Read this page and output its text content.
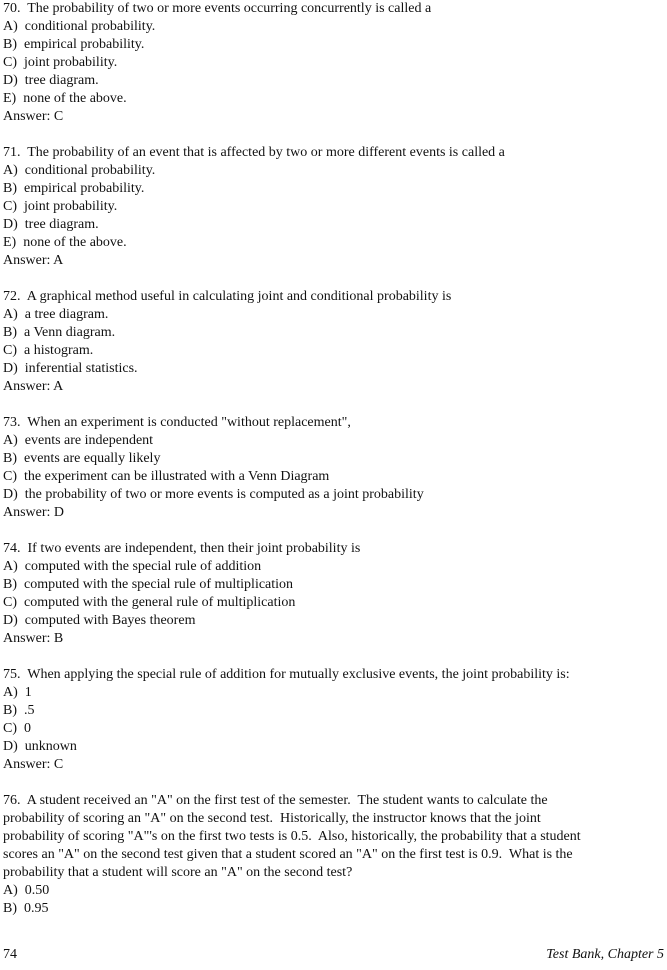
70.  The probability of two or more events occurring concurrently is called a
A)  conditional probability.
B)  empirical probability.
C)  joint probability.
D)  tree diagram.
E)  none of the above.
Answer: C
71.  The probability of an event that is affected by two or more different events is called a
A)  conditional probability.
B)  empirical probability.
C)  joint probability.
D)  tree diagram.
E)  none of the above.
Answer: A
72.  A graphical method useful in calculating joint and conditional probability is
A)  a tree diagram.
B)  a Venn diagram.
C)  a histogram.
D)  inferential statistics.
Answer: A
73.  When an experiment is conducted "without replacement",
A)  events are independent
B)  events are equally likely
C)  the experiment can be illustrated with a Venn Diagram
D)  the probability of two or more events is computed as a joint probability
Answer: D
74.  If two events are independent, then their joint probability is
A)  computed with the special rule of addition
B)  computed with the special rule of multiplication
C)  computed with the general rule of multiplication
D)  computed with Bayes theorem
Answer: B
75.  When applying the special rule of addition for mutually exclusive events, the joint probability is:
A)  1
B)  .5
C)  0
D)  unknown
Answer: C
76.  A student received an "A" on the first test of the semester.  The student wants to calculate the
probability of scoring an "A" on the second test.  Historically, the instructor knows that the joint
probability of scoring "A"'s on the first two tests is 0.5.  Also, historically, the probability that a student
scores an "A" on the second test given that a student scored an "A" on the first test is 0.9.  What is the
probability that a student will score an "A" on the second test?
A)  0.50
B)  0.95
74	Test Bank, Chapter 5
